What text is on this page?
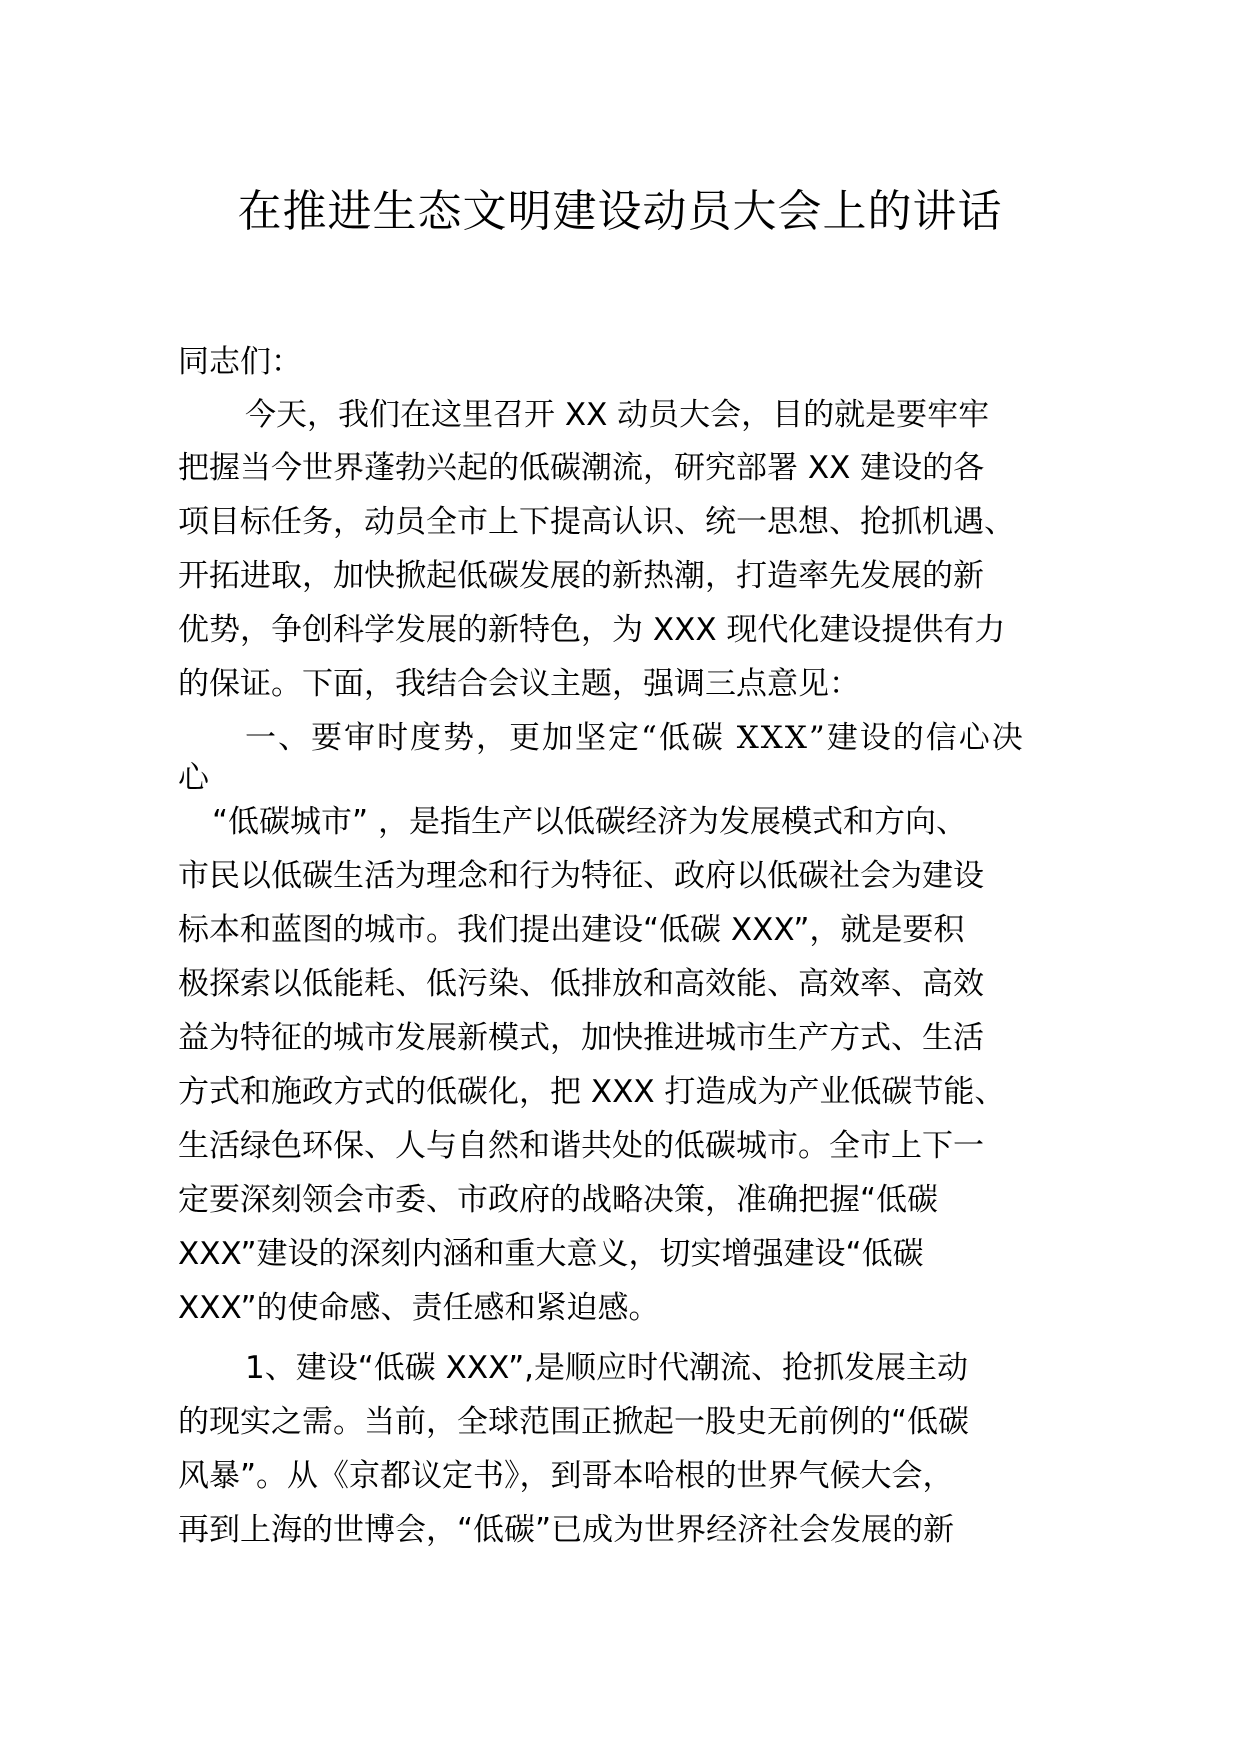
在推进生态文明建设动员大会上的讲话
同志们：
今天，我们在这里召开 XX 动员大会，目的就是要牢牢
把握当今世界蓬勃兴起的低碳潮流，研究部署 XX 建设的各
项目标任务，动员全市上下提高认识、统一思想、抢抓机遇、
开拓进取，加快掀起低碳发展的新热潮，打造率先发展的新
优势，争创科学发展的新特色，为 XXX 现代化建设提供有力
的保证。下面，我结合会议主题，强调三点意见：
一、要审时度势，更加坚定“低碳 XXX”建设的信心决
心
“低碳城市” ，是指生产以低碳经济为发展模式和方向、
市民以低碳生活为理念和行为特征、政府以低碳社会为建设
标本和蓝图的城市。我们提出建设“低碳 XXX”，就是要积
极探索以低能耗、低污染、低排放和高效能、高效率、高效
益为特征的城市发展新模式，加快推进城市生产方式、生活
方式和施政方式的低碳化，把 XXX 打造成为产业低碳节能、
生活绿色环保、人与自然和谐共处的低碳城市。全市上下一
定要深刻领会市委、市政府的战略决策，准确把握“低碳
XXX”建设的深刻内涵和重大意义，切实增强建设“低碳
XXX”的使命感、责任感和紧迫感。
1、建设“低碳 XXX”,是顺应时代潮流、抢抓发展主动
的现实之需。当前，全球范围正掀起一股史无前例的“低碳
风暴”。从《京都议定书》，到哥本哈根的世界气候大会，
再到上海的世博会，“低碳”已成为世界经济社会发展的新
